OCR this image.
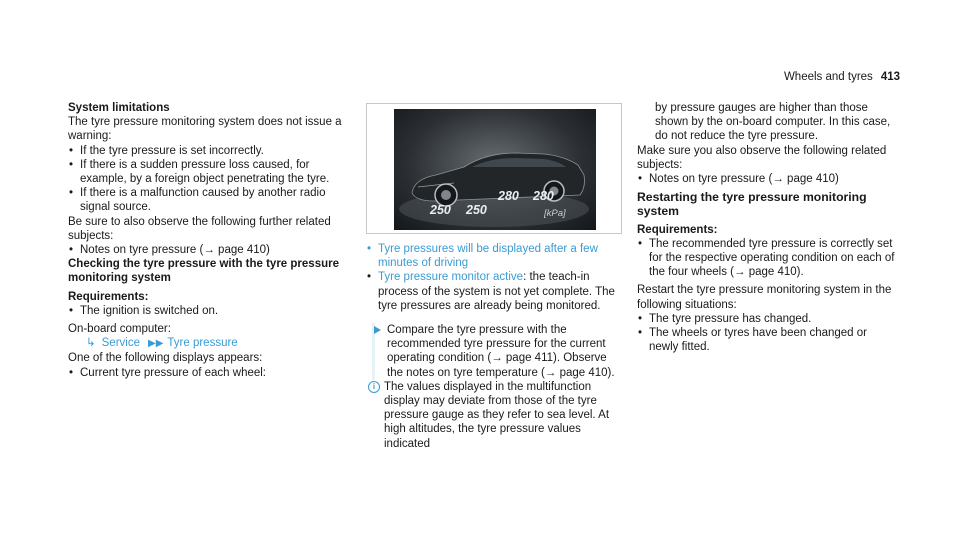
Wheels and tyres 413
System limitations

The tyre pressure monitoring system does not issue a warning:

• If the tyre pressure is set incorrectly.
• If there is a sudden pressure loss caused, for example, by a foreign object penetrating the tyre.
• If there is a malfunction caused by another radio signal source.

Be sure to also observe the following further related subjects:

• Notes on tyre pressure (→ page 410)
Checking the tyre pressure with the tyre pressure monitoring system
Requirements:
• The ignition is switched on.

On-board computer:

↳ Service ▶▶ Tyre pressure

One of the following displays appears:

• Current tyre pressure of each wheel:
250 250
280 280
[kPa]
• Tyre pressures will be displayed after a few minutes of driving
• Tyre pressure monitor active: the teach-in process of the system is not yet complete. The tyre pressures are already being monitored.
Compare the tyre pressure with the recommended tyre pressure for the current operating condition (→ page 411). Observe the notes on tyre temperature (→ page 410).
i The values displayed in the multifunction display may deviate from those of the tyre pressure gauge as they refer to sea level. At high altitudes, the tyre pressure values indicated

by pressure gauges are higher than those shown by the on-board computer. In this case, do not reduce the tyre pressure.

Make sure you also observe the following related subjects:

• Notes on tyre pressure (→ page 410)
Restarting the tyre pressure monitoring system
Requirements:
• The recommended tyre pressure is correctly set for the respective operating condition on each of the four wheels (→ page 410).

Restart the tyre pressure monitoring system in the following situations:

• The tyre pressure has changed.
• The wheels or tyres have been changed or newly fitted.
